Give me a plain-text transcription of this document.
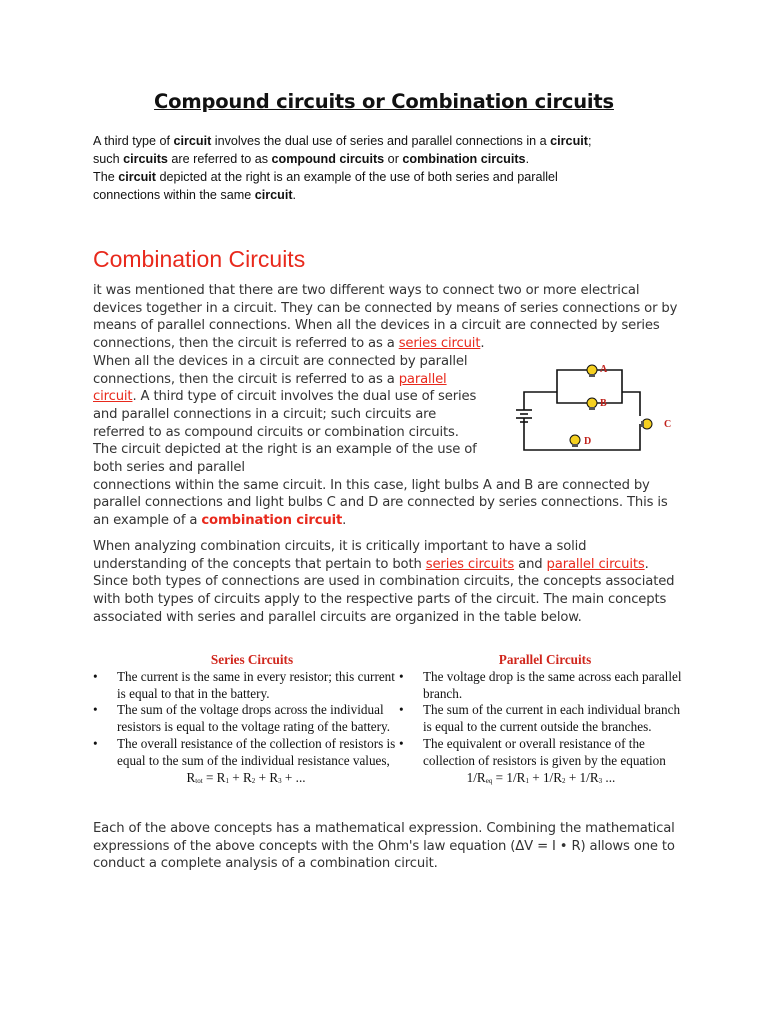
Compound circuits or Combination circuits
A third type of circuit involves the dual use of series and parallel connections in a circuit;
such circuits are referred to as compound circuits or combination circuits.
The circuit depicted at the right is an example of the use of both series and parallel
connections within the same circuit.
Combination Circuits

it was mentioned that there are two different ways to connect two or more electrical devices together in a circuit. They can be connected by means of series connections or by means of parallel connections. When all the devices in a circuit are connected by series connections, then the circuit is referred to as a series circuit.

When all the devices in a circuit are connected by parallel connections, then the circuit is referred to as a parallel circuit. A third type of circuit involves the dual use of series and parallel connections in a circuit; such circuits are referred to as compound circuits or combination circuits. The circuit depicted at the right is an example of the use of both series and parallel

connections within the same circuit. In this case, light bulbs A and B are connected by parallel connections and light bulbs C and D are connected by series connections. This is an example of a combination circuit.

A
B
C
D

When analyzing combination circuits, it is critically important to have a solid understanding of the concepts that pertain to both series circuits and parallel circuits. Since both types of connections are used in combination circuits, the concepts associated with both types of circuits apply to the respective parts of the circuit. The main concepts associated with series and parallel circuits are organized in the table below.

Series Circuits
• The current is the same in every resistor; this current is equal to that in the battery.
• The sum of the voltage drops across the individual resistors is equal to the voltage rating of the battery.
• The overall resistance of the collection of resistors is equal to the sum of the individual resistance values,
$R_{tot} = R_1 + R_2 + R_3$ + ...
Parallel Circuits
• The voltage drop is the same across each parallel branch.
• The sum of the current in each individual branch is equal to the current outside the branches.
• The equivalent or overall resistance of the collection of resistors is given by the equation
$1/R_{eq} = 1/R_1 + 1/R_2 + 1/R_3$ ...
Each of the above concepts has a mathematical expression. Combining the mathematical expressions of the above concepts with the Ohm's law equation (ΔV = I • R) allows one to conduct a complete analysis of a combination circuit.
